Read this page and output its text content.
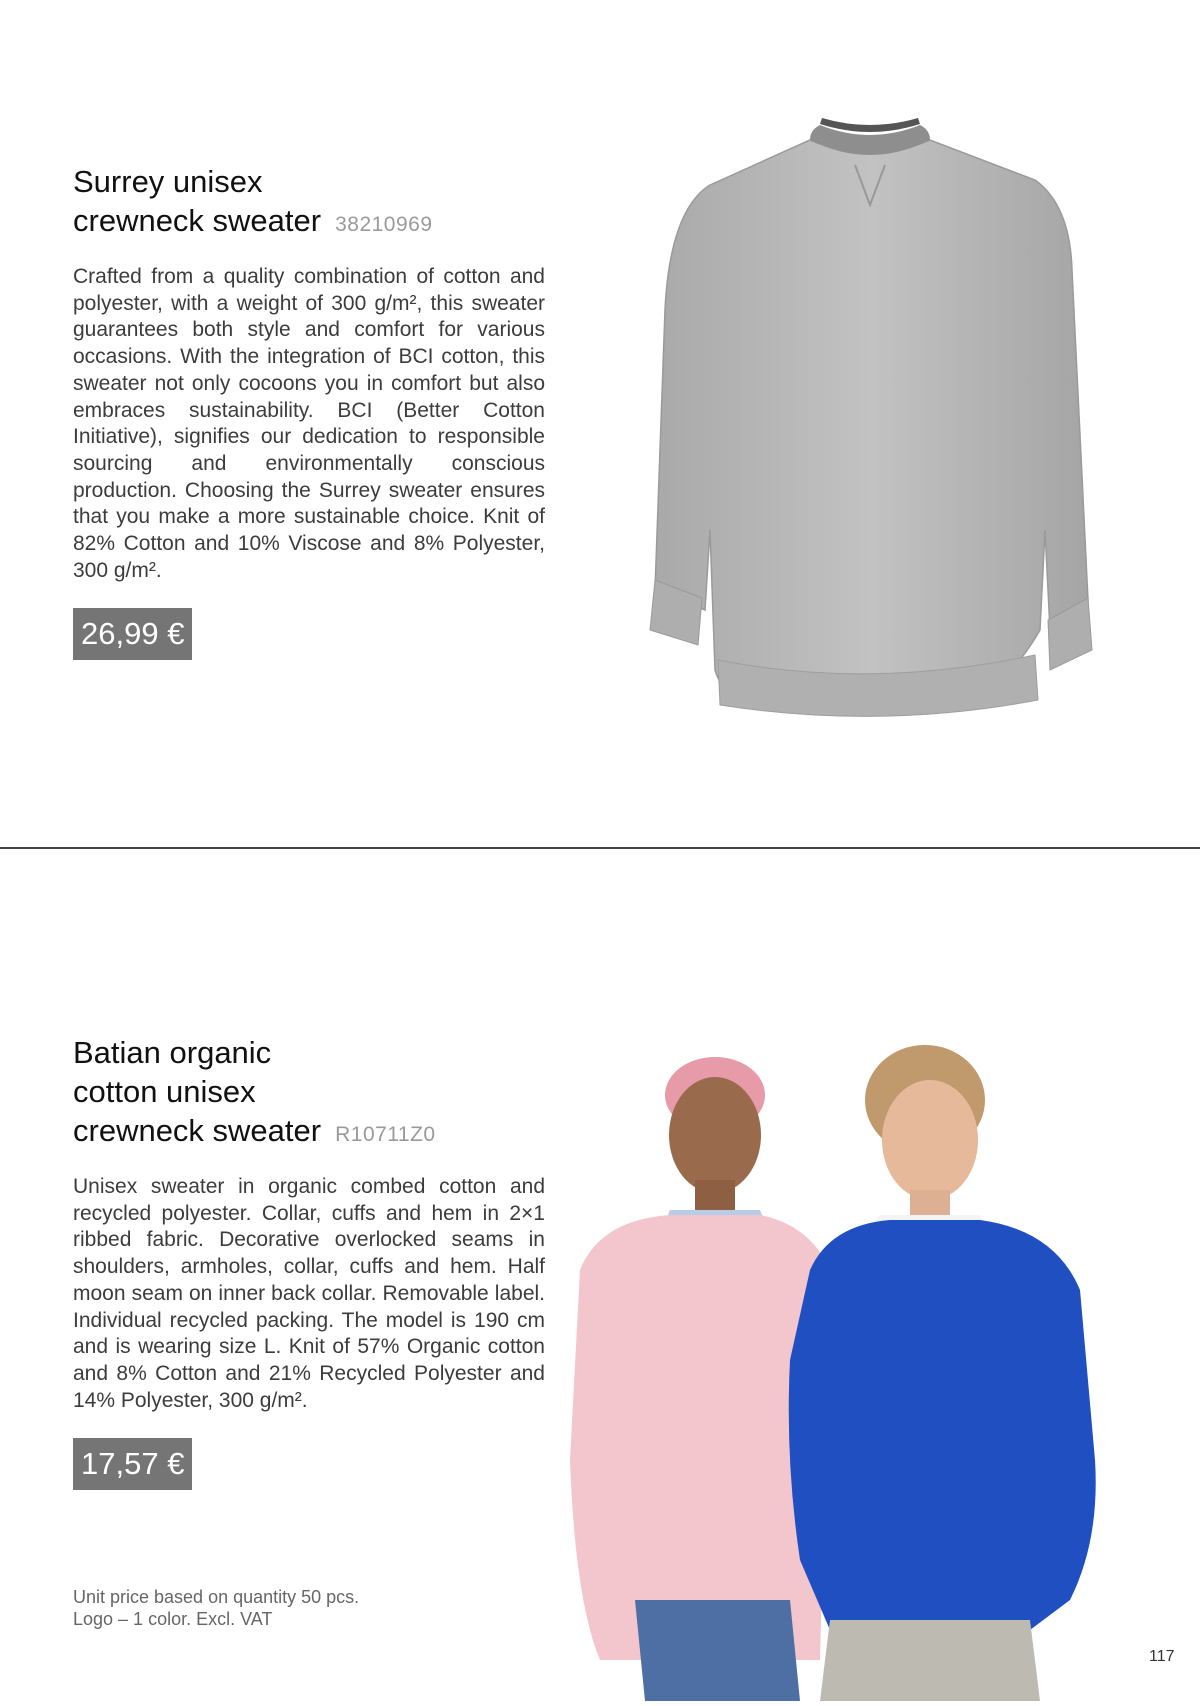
Surrey unisex
crewneck sweater 38210969
Crafted from a quality combination of cotton and polyester, with a weight of 300 g/m², this sweater guarantees both style and comfort for various occasions. With the integration of BCI cotton, this sweater not only cocoons you in comfort but also embraces sustainability. BCI (Better Cotton Initiative), signifies our dedication to responsible sourcing and environmentally conscious production. Choosing the Surrey sweater ensures that you make a more sustainable choice. Knit of 82% Cotton and 10% Viscose and 8% Polyester, 300 g/m².
26,99 €
Batian organic
cotton unisex
crewneck sweater R10711Z0
Unisex sweater in organic combed cotton and recycled polyester. Collar, cuffs and hem in 2×1 ribbed fabric. Decorative overlocked seams in shoulders, armholes, collar, cuffs and hem. Half moon seam on inner back collar. Removable label. Individual recycled packing. The model is 190 cm and is wearing size L. Knit of 57% Organic cotton and 8% Cotton and 21% Recycled Polyester and 14% Polyester, 300 g/m².
17,57 €
Unit price based on quantity 50 pcs.
Logo – 1 color. Excl. VAT
117
